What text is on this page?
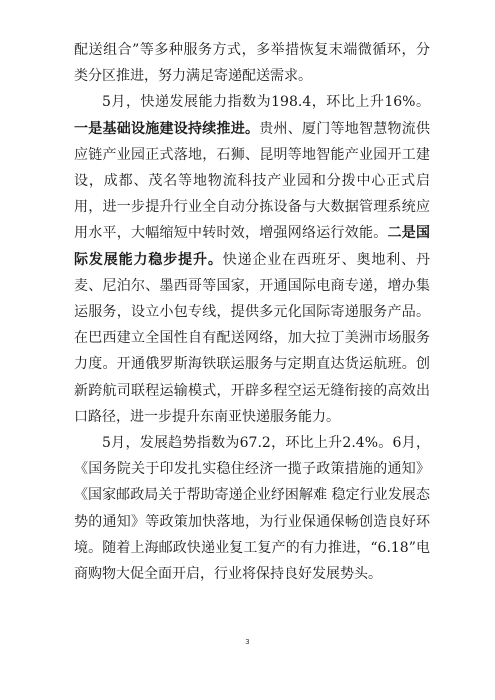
配送组合”等多种服务方式，多举措恢复末端微循环，分类分区推进，努力满足寄递配送需求。

5月，快递发展能力指数为198.4，环比上升16%。一是基础设施建设持续推进。贵州、厦门等地智慧物流供应链产业园正式落地，石狮、昆明等地智能产业园开工建设，成都、茂名等地物流科技产业园和分拨中心正式启用，进一步提升行业全自动分拣设备与大数据管理系统应用水平，大幅缩短中转时效，增强网络运行效能。二是国际发展能力稳步提升。快递企业在西班牙、奥地利、丹麦、尼泊尔、墨西哥等国家，开通国际电商专递，增办集运服务，设立小包专线，提供多元化国际寄递服务产品。在巴西建立全国性自有配送网络，加大拉丁美洲市场服务力度。开通俄罗斯海铁联运服务与定期直达货运航班。创新跨航司联程运输模式，开辟多程空运无缝衔接的高效出口路径，进一步提升东南亚快递服务能力。

5月，发展趋势指数为67.2，环比上升2.4%。6月，《国务院关于印发扎实稳住经济一揽子政策措施的通知》《国家邮政局关于帮助寄递企业纾困解难 稳定行业发展态势的通知》等政策加快落地，为行业保通保畅创造良好环境。随着上海邮政快递业复工复产的有力推进，“6.18”电商购物大促全面开启，行业将保持良好发展势头。

3
